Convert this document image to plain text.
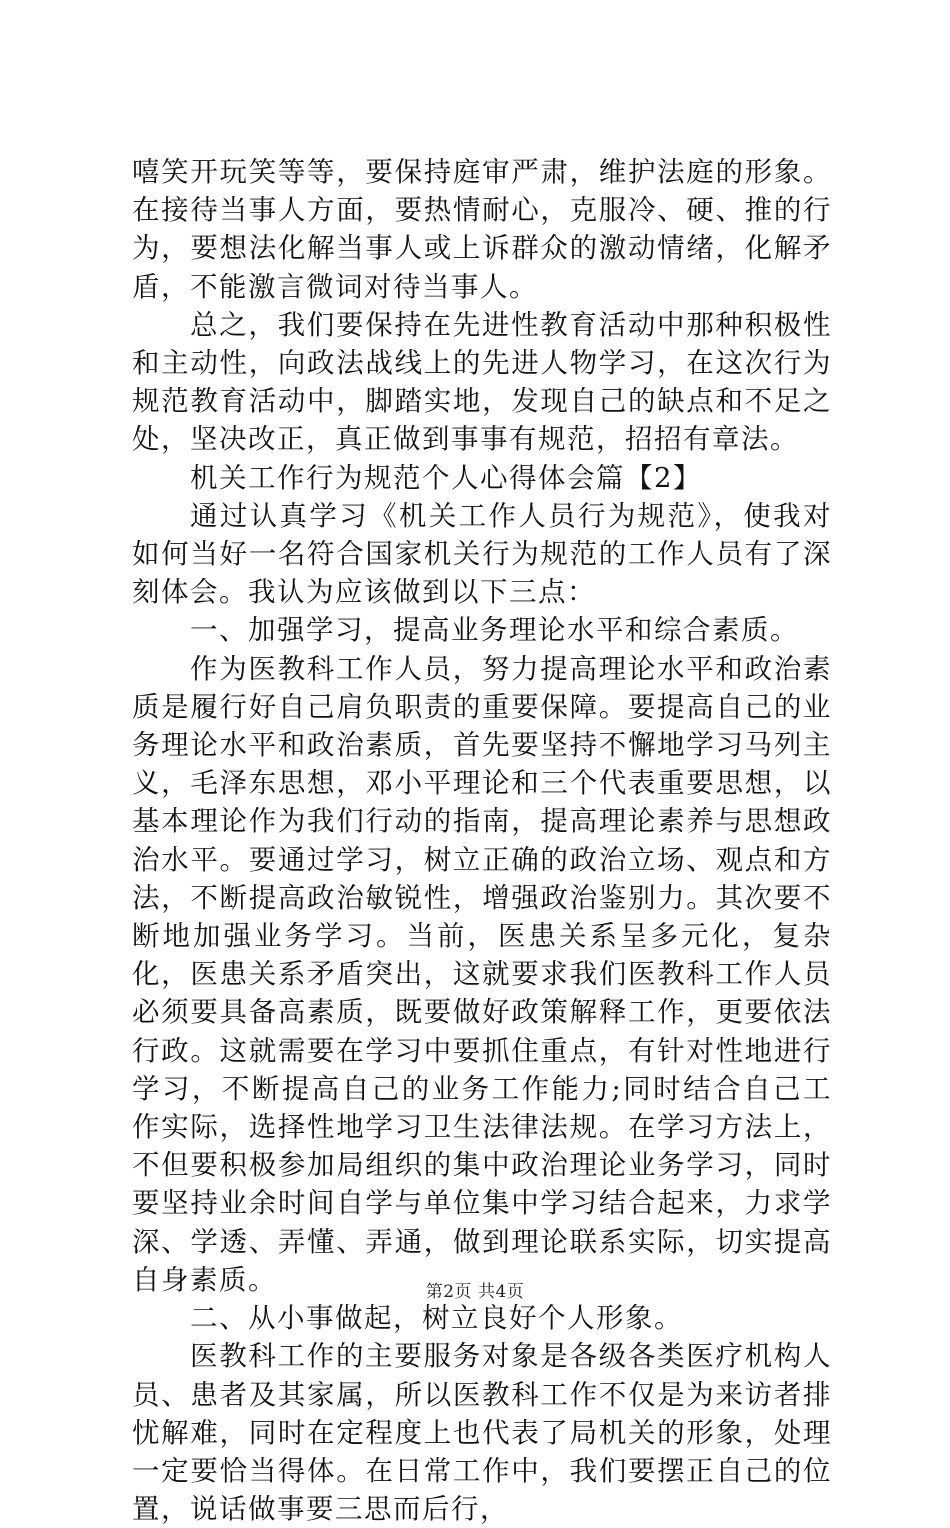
嘻笑开玩笑等等，要保持庭审严肃，维护法庭的形象。在接待当事人方面，要热情耐心，克服冷、硬、推的行为，要想法化解当事人或上诉群众的激动情绪，化解矛盾，不能激言微词对待当事人。

总之，我们要保持在先进性教育活动中那种积极性和主动性，向政法战线上的先进人物学习，在这次行为规范教育活动中，脚踏实地，发现自己的缺点和不足之处，坚决改正，真正做到事事有规范，招招有章法。

机关工作行为规范个人心得体会篇【2】

通过认真学习《机关工作人员行为规范》，使我对如何当好一名符合国家机关行为规范的工作人员有了深刻体会。我认为应该做到以下三点：

一、加强学习，提高业务理论水平和综合素质。

作为医教科工作人员，努力提高理论水平和政治素质是履行好自己肩负职责的重要保障。要提高自己的业务理论水平和政治素质，首先要坚持不懈地学习马列主义，毛泽东思想，邓小平理论和三个代表重要思想，以基本理论作为我们行动的指南，提高理论素养与思想政治水平。要通过学习，树立正确的政治立场、观点和方法，不断提高政治敏锐性，增强政治鉴别力。其次要不断地加强业务学习。当前，医患关系呈多元化，复杂化，医患关系矛盾突出，这就要求我们医教科工作人员必须要具备高素质，既要做好政策解释工作，更要依法行政。这就需要在学习中要抓住重点，有针对性地进行学习，不断提高自己的业务工作能力;同时结合自己工作实际，选择性地学习卫生法律法规。在学习方法上，不但要积极参加局组织的集中政治理论业务学习，同时要坚持业余时间自学与单位集中学习结合起来，力求学深、学透、弄懂、弄通，做到理论联系实际，切实提高自身素质。

二、从小事做起，树立良好个人形象。

医教科工作的主要服务对象是各级各类医疗机构人员、患者及其家属，所以医教科工作不仅是为来访者排忧解难，同时在定程度上也代表了局机关的形象，处理一定要恰当得体。在日常工作中，我们要摆正自己的位置，说话做事要三思而后行，

第2页 共4页
